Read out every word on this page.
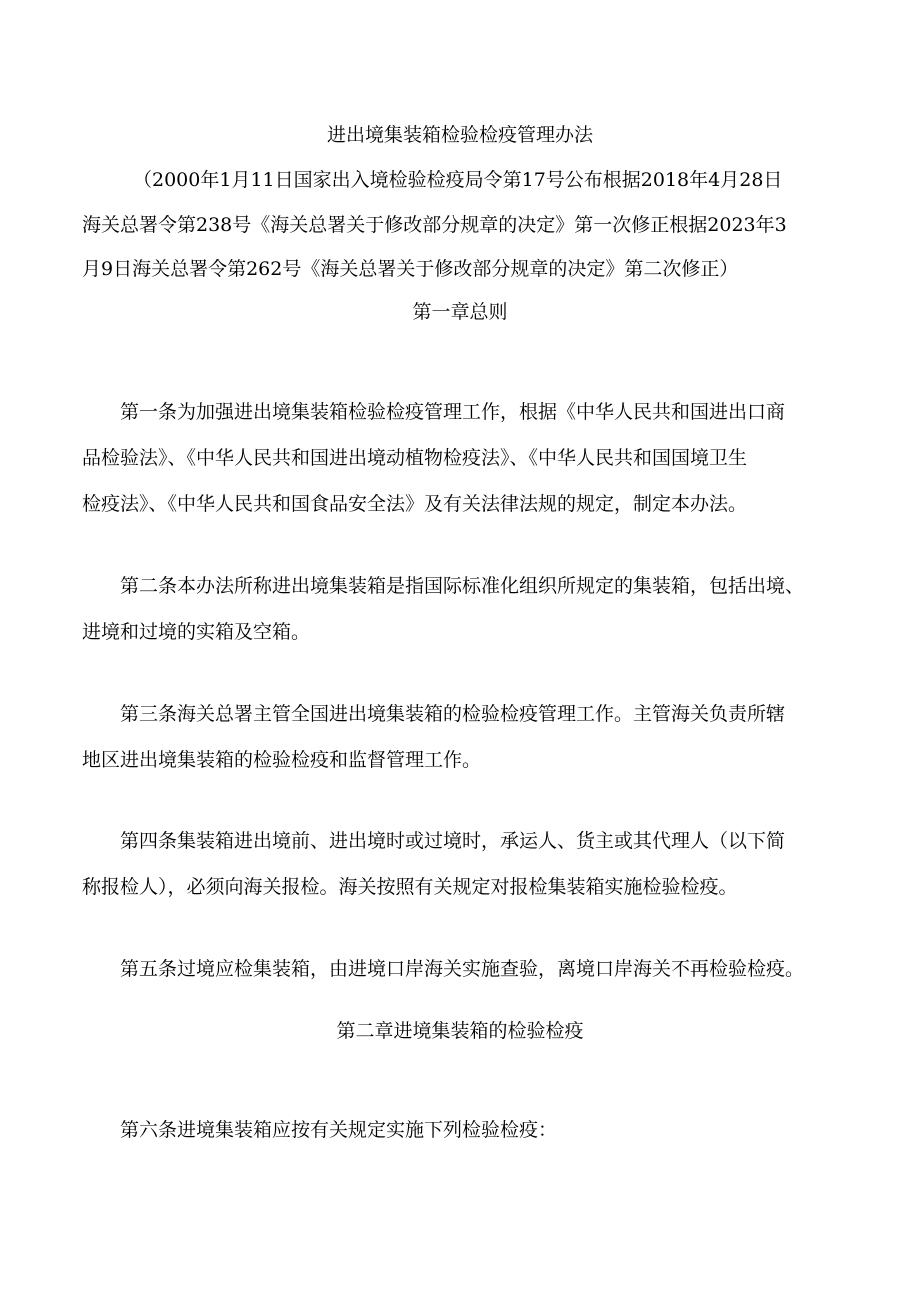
进出境集装箱检验检疫管理办法
（2000年1月11日国家出入境检验检疫局令第17号公布根据2018年4月28日
海关总署令第238号《海关总署关于修改部分规章的决定》第一次修正根据2023年3
月9日海关总署令第262号《海关总署关于修改部分规章的决定》第二次修正）
第一章总则
第一条为加强进出境集装箱检验检疫管理工作，根据《中华人民共和国进出口商
品检验法》、《中华人民共和国进出境动植物检疫法》、《中华人民共和国国境卫生
检疫法》、《中华人民共和国食品安全法》及有关法律法规的规定，制定本办法。
第二条本办法所称进出境集装箱是指国际标准化组织所规定的集装箱，包括出境、
进境和过境的实箱及空箱。
第三条海关总署主管全国进出境集装箱的检验检疫管理工作。主管海关负责所辖
地区进出境集装箱的检验检疫和监督管理工作。
第四条集装箱进出境前、进出境时或过境时，承运人、货主或其代理人（以下简
称报检人），必须向海关报检。海关按照有关规定对报检集装箱实施检验检疫。
第五条过境应检集装箱，由进境口岸海关实施查验，离境口岸海关不再检验检疫。
第二章进境集装箱的检验检疫
第六条进境集装箱应按有关规定实施下列检验检疫：
